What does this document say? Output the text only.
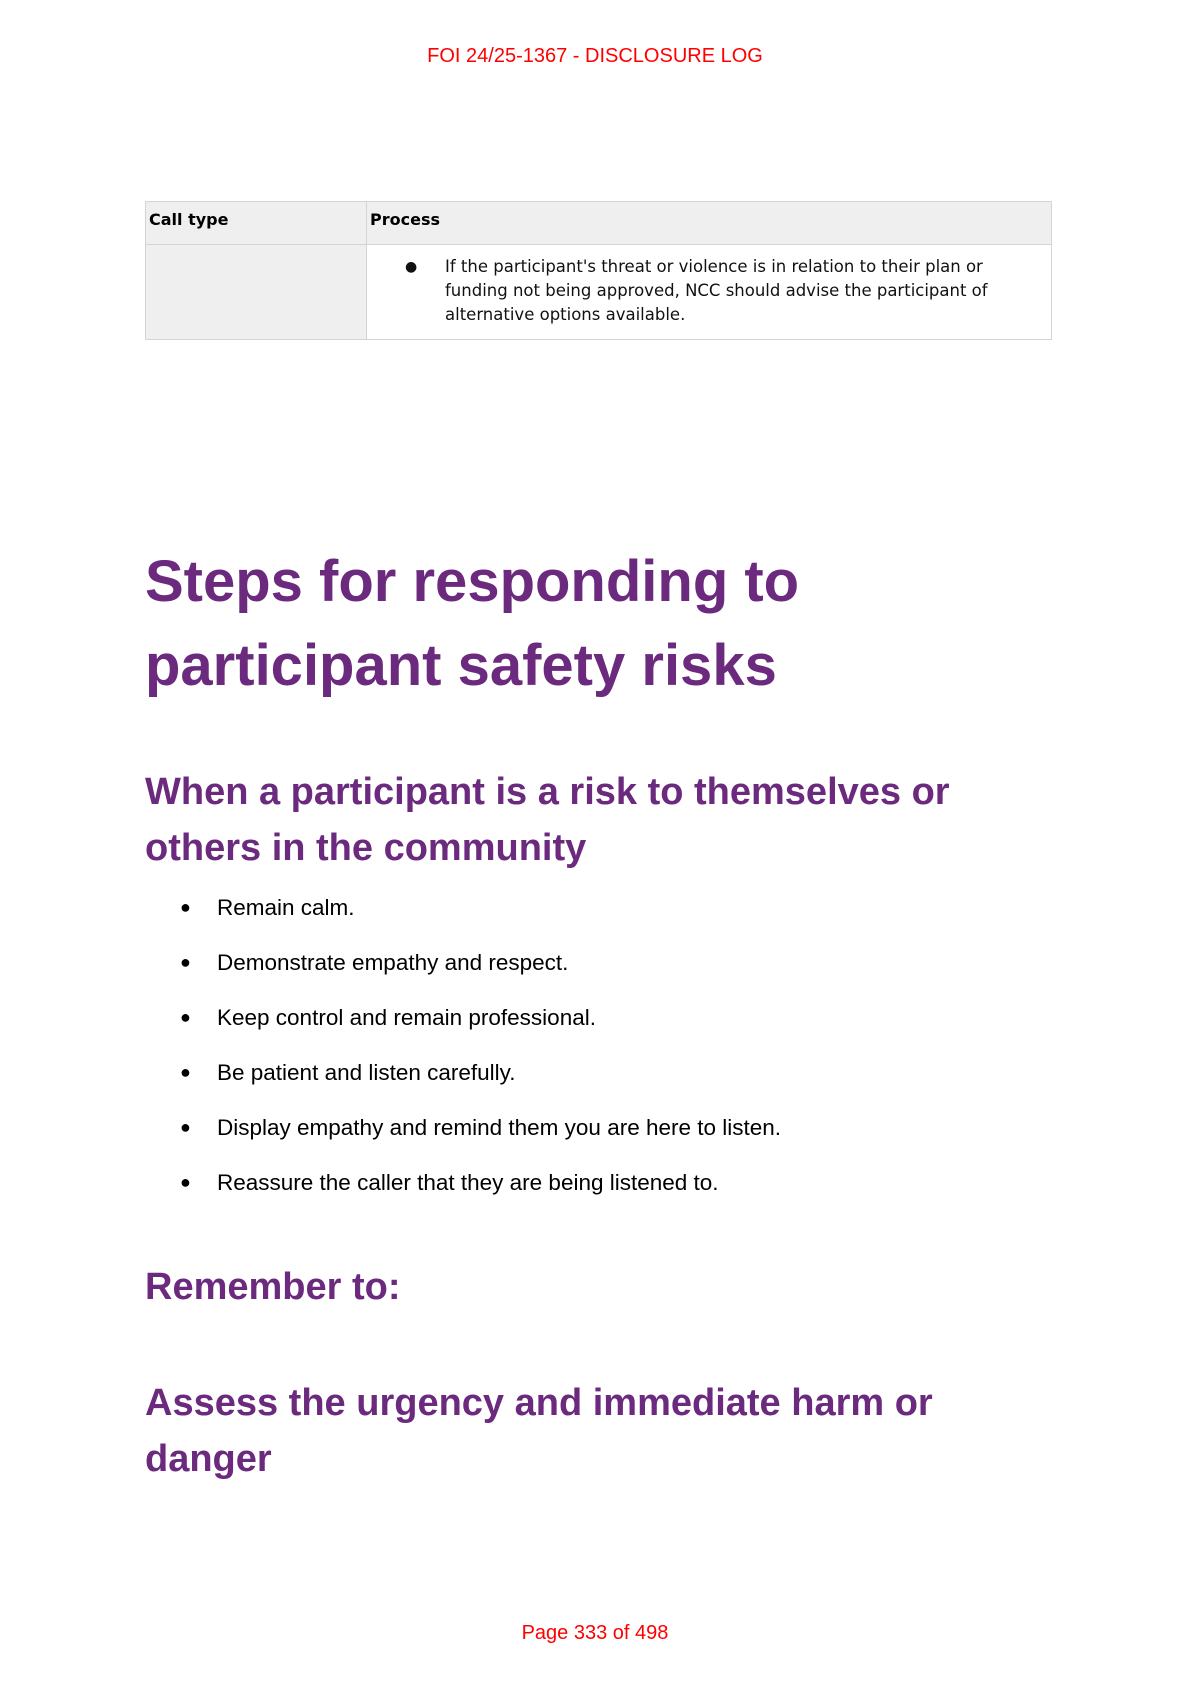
FOI 24/25-1367 - DISCLOSURE LOG
Call type	Process

	● If the participant's threat or violence is in relation to their plan or funding not being approved, NCC should advise the participant of alternative options available.
Steps for responding to participant safety risks
When a participant is a risk to themselves or others in the community
●	Remain calm.
●	Demonstrate empathy and respect.
●	Keep control and remain professional.
●	Be patient and listen carefully.
●	Display empathy and remind them you are here to listen.
●	Reassure the caller that they are being listened to.
Remember to:
Assess the urgency and immediate harm or danger
Page 333 of 498
